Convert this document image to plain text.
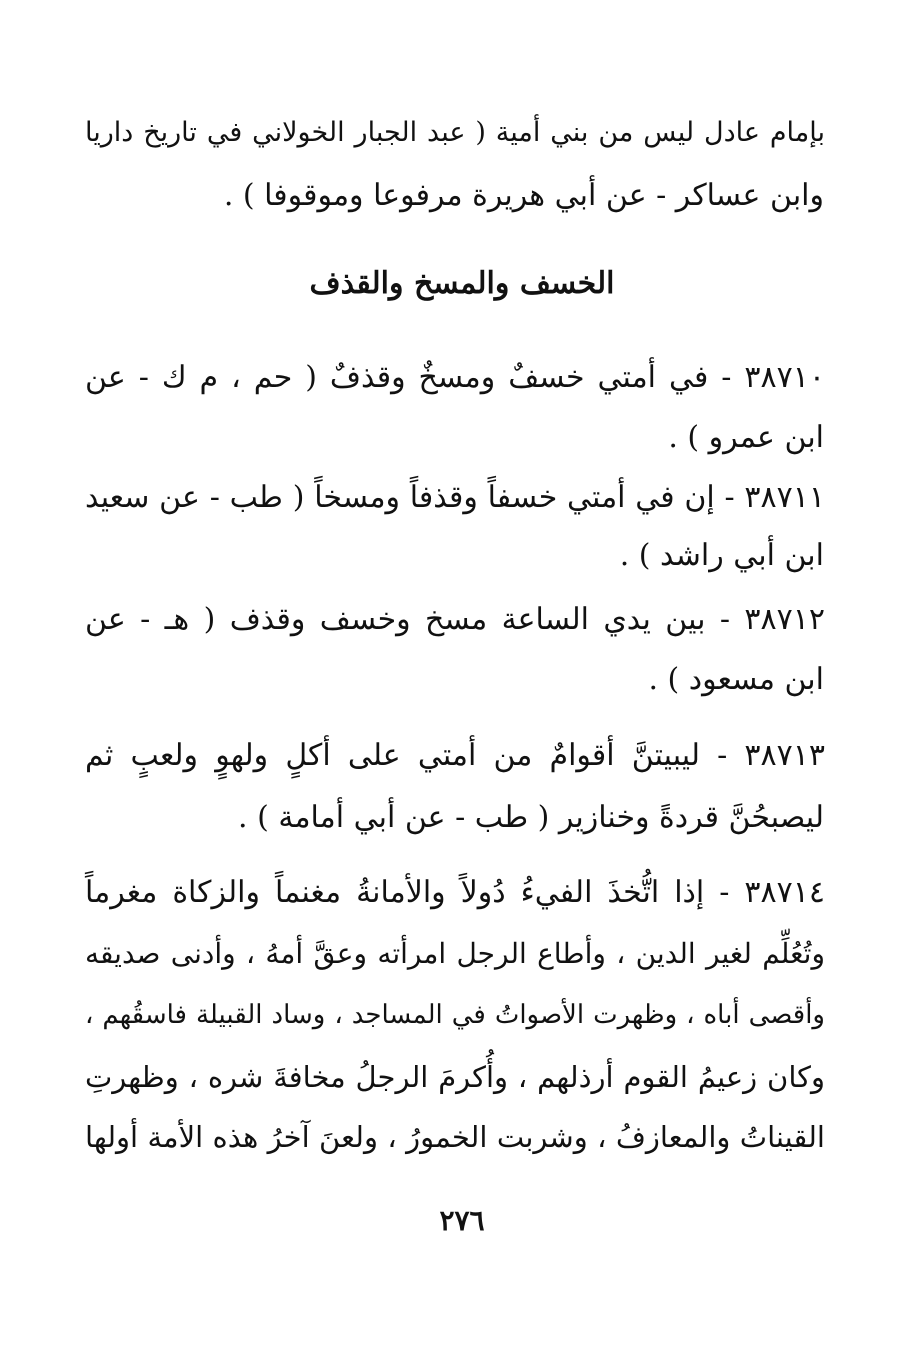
بإمام عادل ليس من بني أمية ( عبد الجبار الخولاني في تاريخ داريا
وابن عساكر - عن أبي هريرة مرفوعا وموقوفا ) .
الخسف والمسخ والقذف
٣٨٧١٠ - في أمتي خسفٌ ومسخٌ وقذفٌ ( حم ، م ك - عن
ابن عمرو ) .
٣٨٧١١ - إن في أمتي خسفاً وقذفاً ومسخاً ( طب - عن سعيد
ابن أبي راشد ) .
٣٨٧١٢ - بين يدي الساعة مسخ وخسف وقذف ( هـ - عن
ابن مسعود ) .
٣٨٧١٣ - ليبيتنَّ أقوامٌ من أمتي على أكلٍ ولهوٍ ولعبٍ ثم
ليصبحُنَّ قردةً وخنازير ( طب - عن أبي أمامة ) .
٣٨٧١٤ - إذا اتُّخذَ الفيءُ دُولاً والأمانةُ مغنماً والزكاة مغرماً
وتُعُلِّم لغير الدين ، وأطاع الرجل امرأته وعقَّ أمهُ ، وأدنى صديقه
وأقصى أباه ، وظهرت الأصواتُ في المساجد ، وساد القبيلة فاسقُهم ،
وكان زعيمُ القوم أرذلهم ، وأُكرمَ الرجلُ مخافةَ شره ، وظهرتِ
القيناتُ والمعازفُ ، وشربت الخمورُ ، ولعنَ آخرُ هذه الأمة أولها
٢٧٦
